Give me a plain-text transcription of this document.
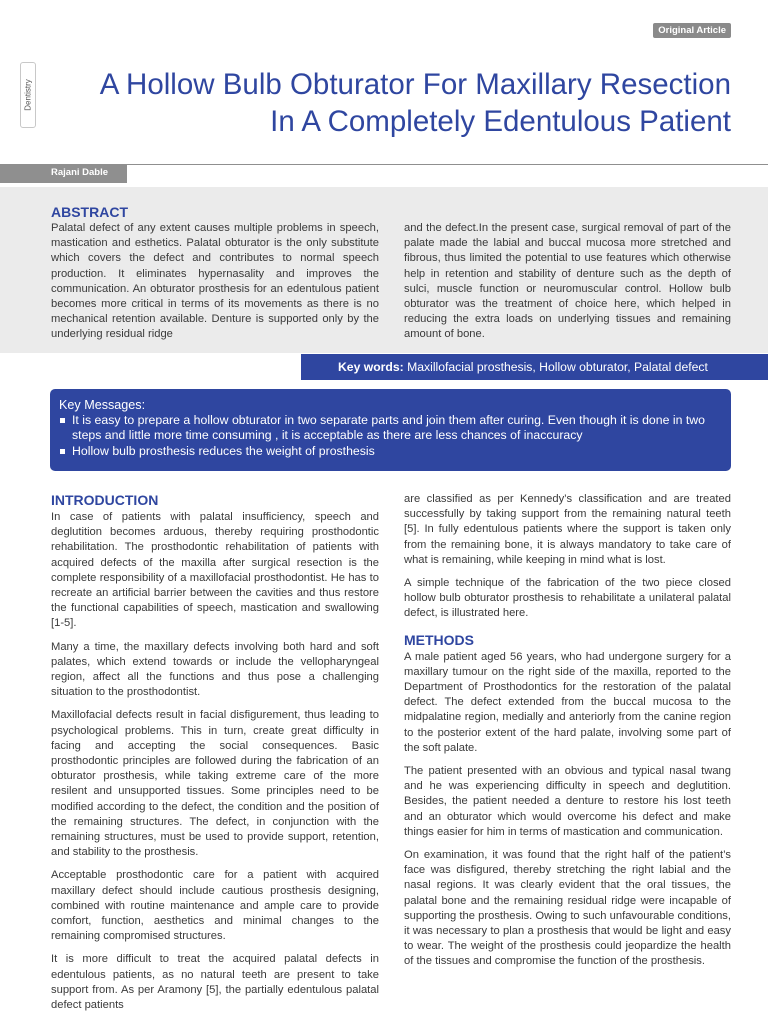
Original Article
Dentistry	A Hollow Bulb Obturator For Maxillary Resection
In A Completely Edentulous Patient
Rajani Dable
ABSTRACT
Palatal defect of any extent causes multiple problems in speech, mastication and esthetics. Palatal obturator is the only substitute which covers the defect and contributes to normal speech production. It eliminates hypernasality and improves the communication. An obturator prosthesis for an edentulous patient becomes more critical in terms of its movements as there is no mechanical retention available. Denture is supported only by the underlying residual ridge
and the defect.In the present case, surgical removal of part of the palate made the labial and buccal mucosa more stretched and fibrous, thus limited the potential to use features which otherwise help in retention and stability of denture such as the depth of sulci, muscle function or neuromuscular control. Hollow bulb obturator was the treatment of choice here, which helped in reducing the extra loads on underlying tissues and remaining amount of bone.
Key words: Maxillofacial prosthesis, Hollow obturator, Palatal defect
Key Messages:
It is easy to prepare a hollow obturator in two separate parts and join them after curing. Even though it is done in two steps and little more time consuming , it is acceptable as there are less chances of inaccuracy
Hollow bulb prosthesis reduces the weight of prosthesis
INTRODUCTION

In case of patients with palatal insufficiency, speech and deglutition becomes arduous, thereby requiring prosthodontic rehabilitation. The prosthodontic rehabilitation of patients with acquired defects of the maxilla after surgical resection is the complete responsibility of a maxillofacial prosthodontist. He has to recreate an artificial barrier between the cavities and thus restore the functional capabilities of speech, mastication and swallowing [1-5].

Many a time, the maxillary defects involving both hard and soft palates, which extend towards or include the vellopharyngeal region, affect all the functions and thus pose a challenging situation to the prosthodontist.

Maxillofacial defects result in facial disfigurement, thus leading to psychological problems. This in turn, create great difficulty in facing and accepting the social consequences. Basic prosthodontic principles are followed during the fabrication of an obturator prosthesis, while taking extreme care of the more resilent and unsupported tissues. Some principles need to be modified according to the defect, the condition and the position of the remaining structures. The defect, in conjunction with the remaining structures, must be used to provide support, retention, and stability to the prosthesis.

Acceptable prosthodontic care for a patient with acquired maxillary defect should include cautious prosthesis designing, combined with routine maintenance and ample care to provide comfort, function, aesthetics and minimal changes to the remaining compromised structures.

It is more difficult to treat the acquired palatal defects in edentulous patients, as no natural teeth are present to take support from. As per Aramony [5], the partially edentulous palatal defect patients

are classified as per Kennedy’s classification and are treated successfully by taking support from the remaining natural teeth [5]. In fully edentulous patients where the support is taken only from the remaining bone, it is always mandatory to take care of what is remaining, while keeping in mind what is lost.

A simple technique of the fabrication of the two piece closed hollow bulb obturator prosthesis to rehabilitate a unilateral palatal defect, is illustrated here.

METHODS

A male patient aged 56 years, who had undergone surgery for a maxillary tumour on the right side of the maxilla, reported to the Department of Prosthodontics for the restoration of the palatal defect. The defect extended from the buccal mucosa to the midpalatine region, medially and anteriorly from the canine region to the posterior extent of the hard palate, involving some part of the soft palate.

The patient presented with an obvious and typical nasal twang and he was experiencing difficulty in speech and deglutition. Besides, the patient needed a denture to restore his lost teeth and an obturator which would overcome his defect and make things easier for him in terms of mastication and communication.

On examination, it was found that the right half of the patient’s face was disfigured, thereby stretching the right labial and the nasal regions. It was clearly evident that the oral tissues, the palatal bone and the remaining residual ridge were incapable of supporting the prosthesis. Owing to such unfavourable conditions, it was necessary to plan a prosthesis that would be light and easy to wear. The weight of the prosthesis could jeopardize the health of the tissues and compromise the function of the prosthesis.
